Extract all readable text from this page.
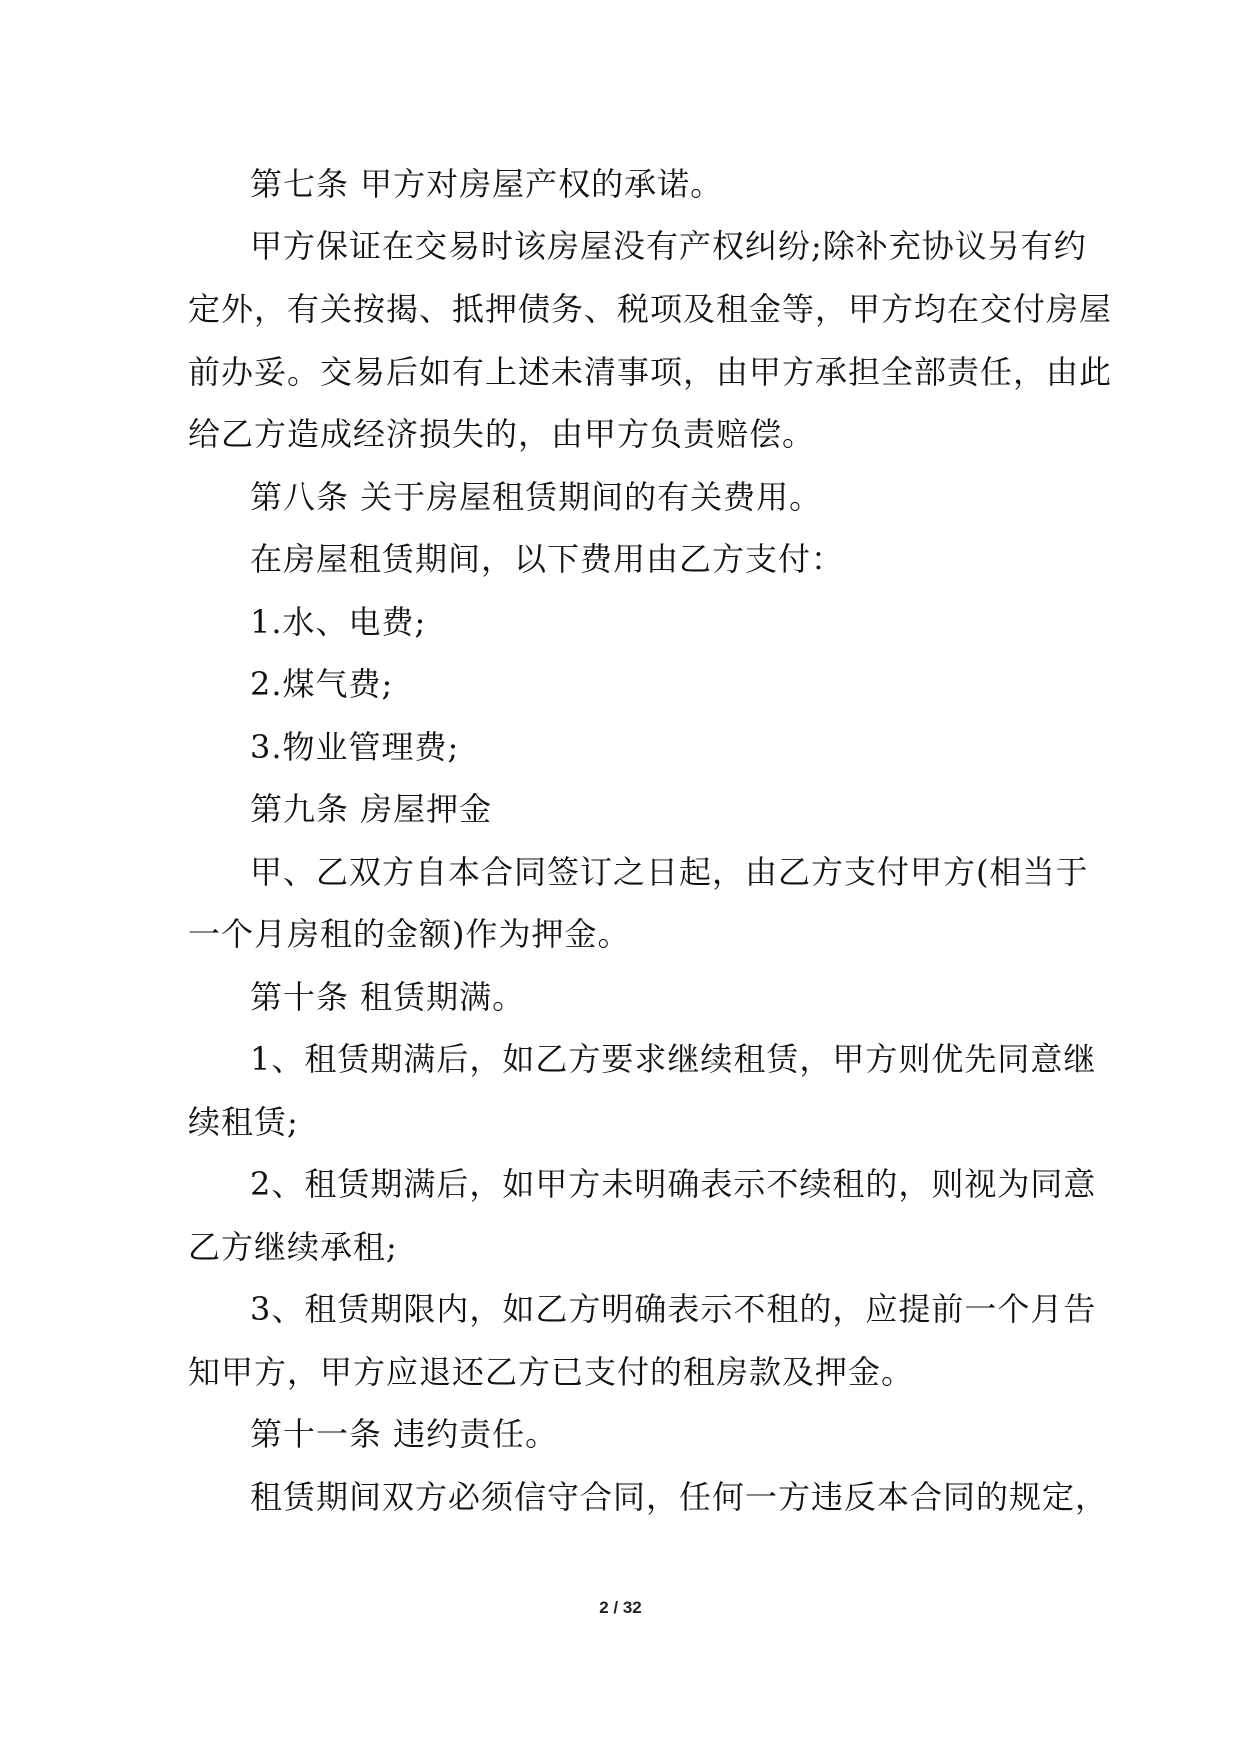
第七条 甲方对房屋产权的承诺。
甲方保证在交易时该房屋没有产权纠纷;除补充协议另有约
定外，有关按揭、抵押债务、税项及租金等，甲方均在交付房屋
前办妥。交易后如有上述未清事项，由甲方承担全部责任，由此
给乙方造成经济损失的，由甲方负责赔偿。
第八条 关于房屋租赁期间的有关费用。
在房屋租赁期间，以下费用由乙方支付：
1.水、电费;
2.煤气费;
3.物业管理费;
第九条 房屋押金
甲、乙双方自本合同签订之日起，由乙方支付甲方(相当于
一个月房租的金额)作为押金。
第十条 租赁期满。
1、租赁期满后，如乙方要求继续租赁，甲方则优先同意继
续租赁;
2、租赁期满后，如甲方未明确表示不续租的，则视为同意
乙方继续承租;
3、租赁期限内，如乙方明确表示不租的，应提前一个月告
知甲方，甲方应退还乙方已支付的租房款及押金。
第十一条 违约责任。
租赁期间双方必须信守合同，任何一方违反本合同的规定，
2 / 32
